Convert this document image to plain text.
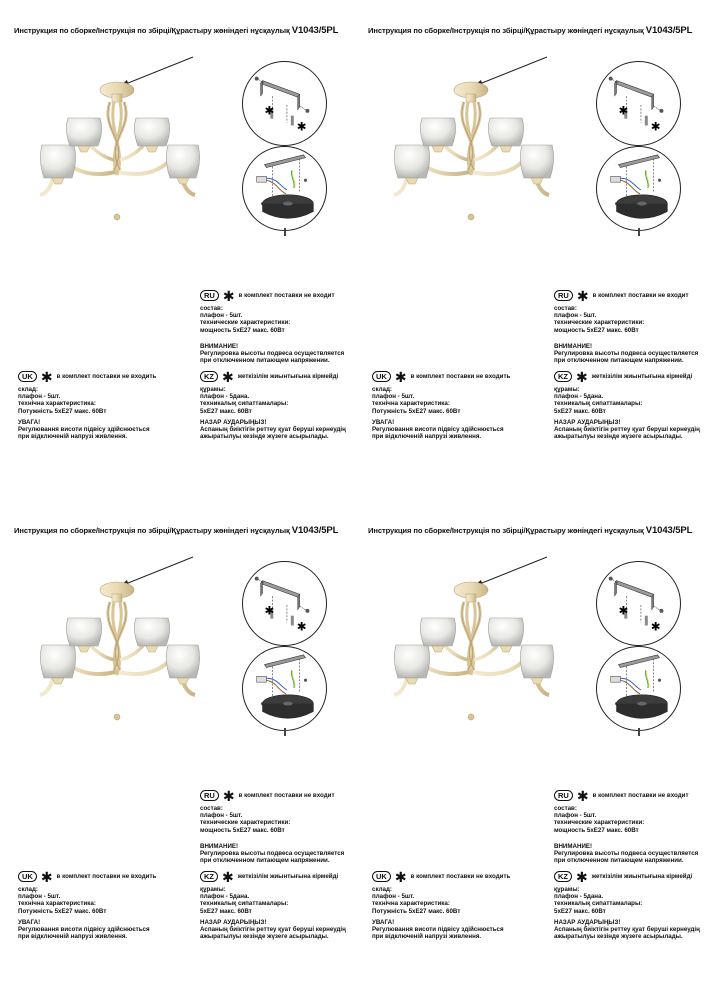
Инструкция по сборке/Інструкція по збірці/Құрастыру жөніндегі нұсқаулық V1043/5PL
✱
✱
RU ✱ в комплект поставки не входит
состав:
плафон - 5шт.
технические характеристики:
мощность 5хЕ27 макс. 60Вт
ВНИМАНИЕ!
Регулировка высоты подвеса осуществляется
при отключенном питающем напряжении.
UK ✱ в комплект поставки не входить
склад:
плафон - 5шт.
технічна характеристика:
Потужність 5хЕ27 макс. 60Вт
УВАГА!
Регулювання висоти підвісу здійснюється
при відключеній напрузі живлення.
KZ ✱ жеткізілім жиынтығына кірмейді
құрамы:
плафон - 5дана.
техникалық сипаттамалары:
5хЕ27 макс. 60Вт
НАЗАР АУДАРЫҢЫЗ!
Аспаның биіктігін реттеу қуат беруші кернеудің
ажыратылуы кезінде жүзеге асырылады.
Инструкция по сборке/Інструкція по збірці/Құрастыру жөніндегі нұсқаулық V1043/5PL
✱
✱
RU ✱ в комплект поставки не входит
состав:
плафон - 5шт.
технические характеристики:
мощность 5хЕ27 макс. 60Вт
ВНИМАНИЕ!
Регулировка высоты подвеса осуществляется
при отключенном питающем напряжении.
UK ✱ в комплект поставки не входить
склад:
плафон - 5шт.
технічна характеристика:
Потужність 5хЕ27 макс. 60Вт
УВАГА!
Регулювання висоти підвісу здійснюється
при відключеній напрузі живлення.
KZ ✱ жеткізілім жиынтығына кірмейді
құрамы:
плафон - 5дана.
техникалық сипаттамалары:
5хЕ27 макс. 60Вт
НАЗАР АУДАРЫҢЫЗ!
Аспаның биіктігін реттеу қуат беруші кернеудің
ажыратылуы кезінде жүзеге асырылады.
Инструкция по сборке/Інструкція по збірці/Құрастыру жөніндегі нұсқаулық V1043/5PL
✱
✱
RU ✱ в комплект поставки не входит
состав:
плафон - 5шт.
технические характеристики:
мощность 5хЕ27 макс. 60Вт
ВНИМАНИЕ!
Регулировка высоты подвеса осуществляется
при отключенном питающем напряжении.
UK ✱ в комплект поставки не входить
склад:
плафон - 5шт.
технічна характеристика:
Потужність 5хЕ27 макс. 60Вт
УВАГА!
Регулювання висоти підвісу здійснюється
при відключеній напрузі живлення.
KZ ✱ жеткізілім жиынтығына кірмейді
құрамы:
плафон - 5дана.
техникалық сипаттамалары:
5хЕ27 макс. 60Вт
НАЗАР АУДАРЫҢЫЗ!
Аспаның биіктігін реттеу қуат беруші кернеудің
ажыратылуы кезінде жүзеге асырылады.
Инструкция по сборке/Інструкція по збірці/Құрастыру жөніндегі нұсқаулық V1043/5PL
✱
✱
RU ✱ в комплект поставки не входит
состав:
плафон - 5шт.
технические характеристики:
мощность 5хЕ27 макс. 60Вт
ВНИМАНИЕ!
Регулировка высоты подвеса осуществляется
при отключенном питающем напряжении.
UK ✱ в комплект поставки не входить
склад:
плафон - 5шт.
технічна характеристика:
Потужність 5хЕ27 макс. 60Вт
УВАГА!
Регулювання висоти підвісу здійснюється
при відключеній напрузі живлення.
KZ ✱ жеткізілім жиынтығына кірмейді
құрамы:
плафон - 5дана.
техникалық сипаттамалары:
5хЕ27 макс. 60Вт
НАЗАР АУДАРЫҢЫЗ!
Аспаның биіктігін реттеу қуат беруші кернеудің
ажыратылуы кезінде жүзеге асырылады.
